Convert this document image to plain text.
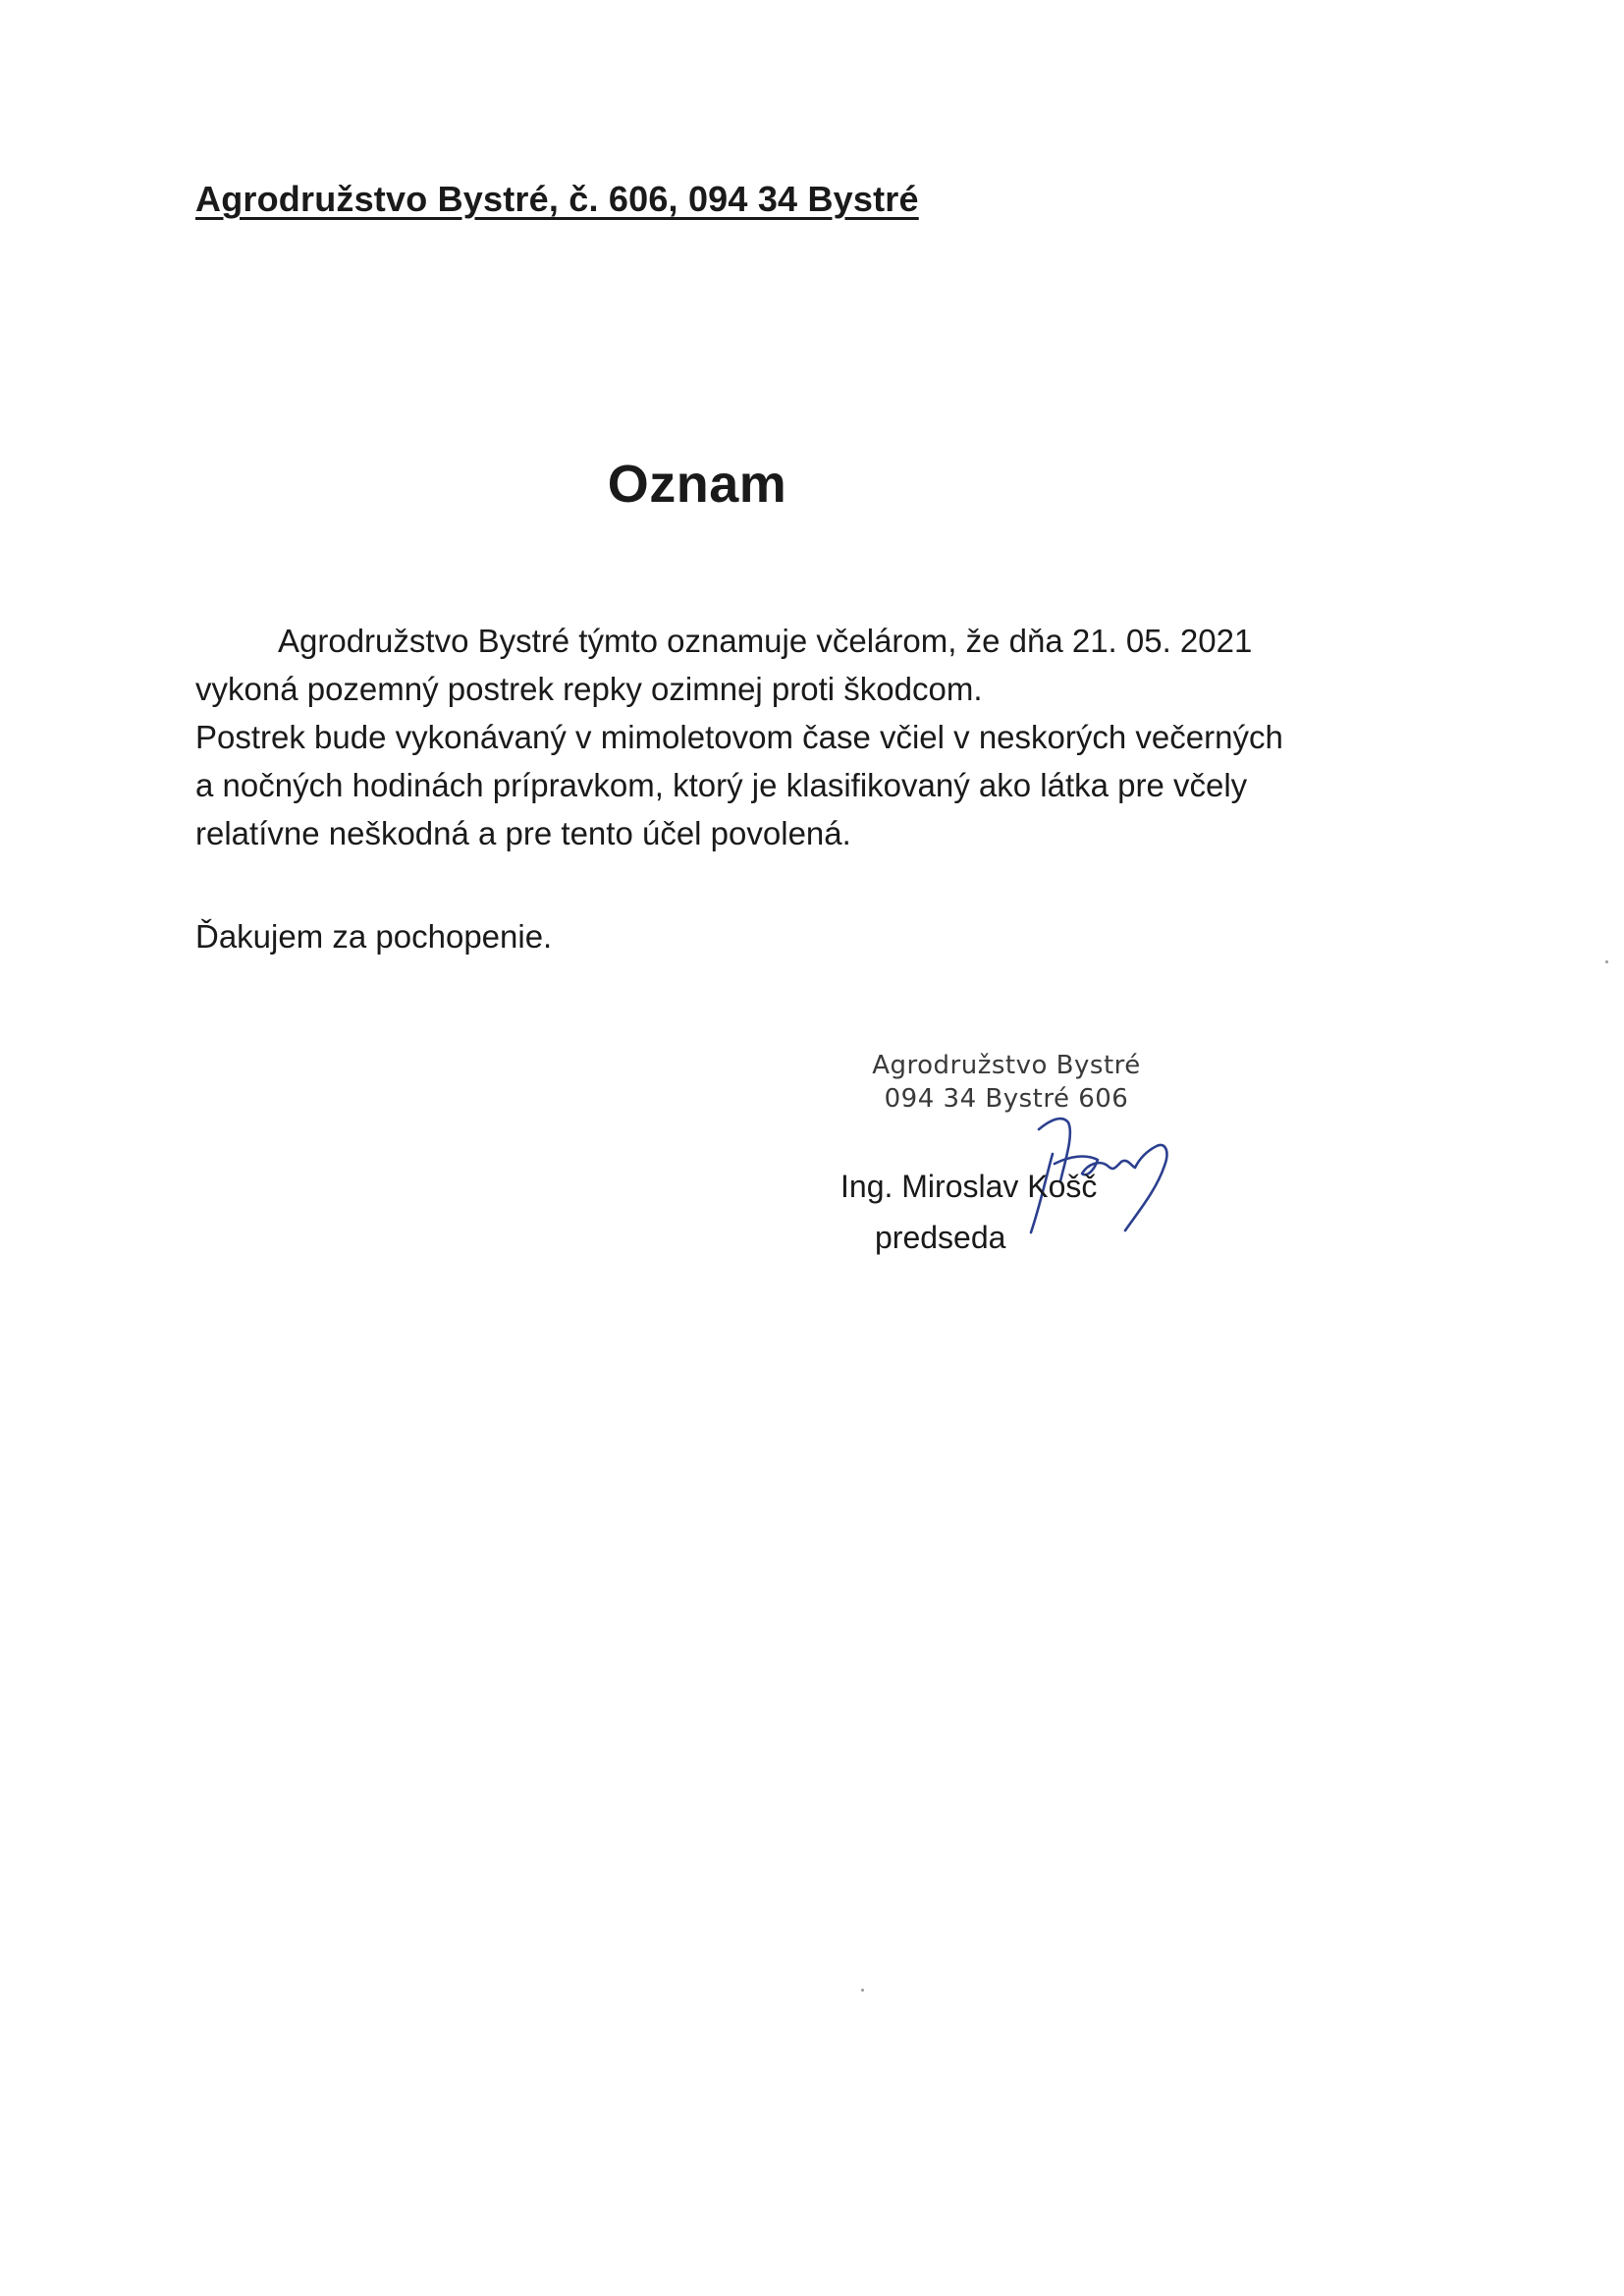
Agrodružstvo Bystré, č. 606, 094 34 Bystré
Oznam

Agrodružstvo Bystré týmto oznamuje včelárom, že dňa 21. 05. 2021

vykoná pozemný postrek repky ozimnej proti škodcom.

Postrek bude vykonávaný v mimoletovom čase včiel v neskorých večerných

a nočných hodinách prípravkom, ktorý je klasifikovaný ako látka pre včely

relatívne neškodná a pre tento účel povolená.

Ďakujem za pochopenie.
Agrodružstvo Bystré
094 34 Bystré 606
Ing. Miroslav Košč
predseda
